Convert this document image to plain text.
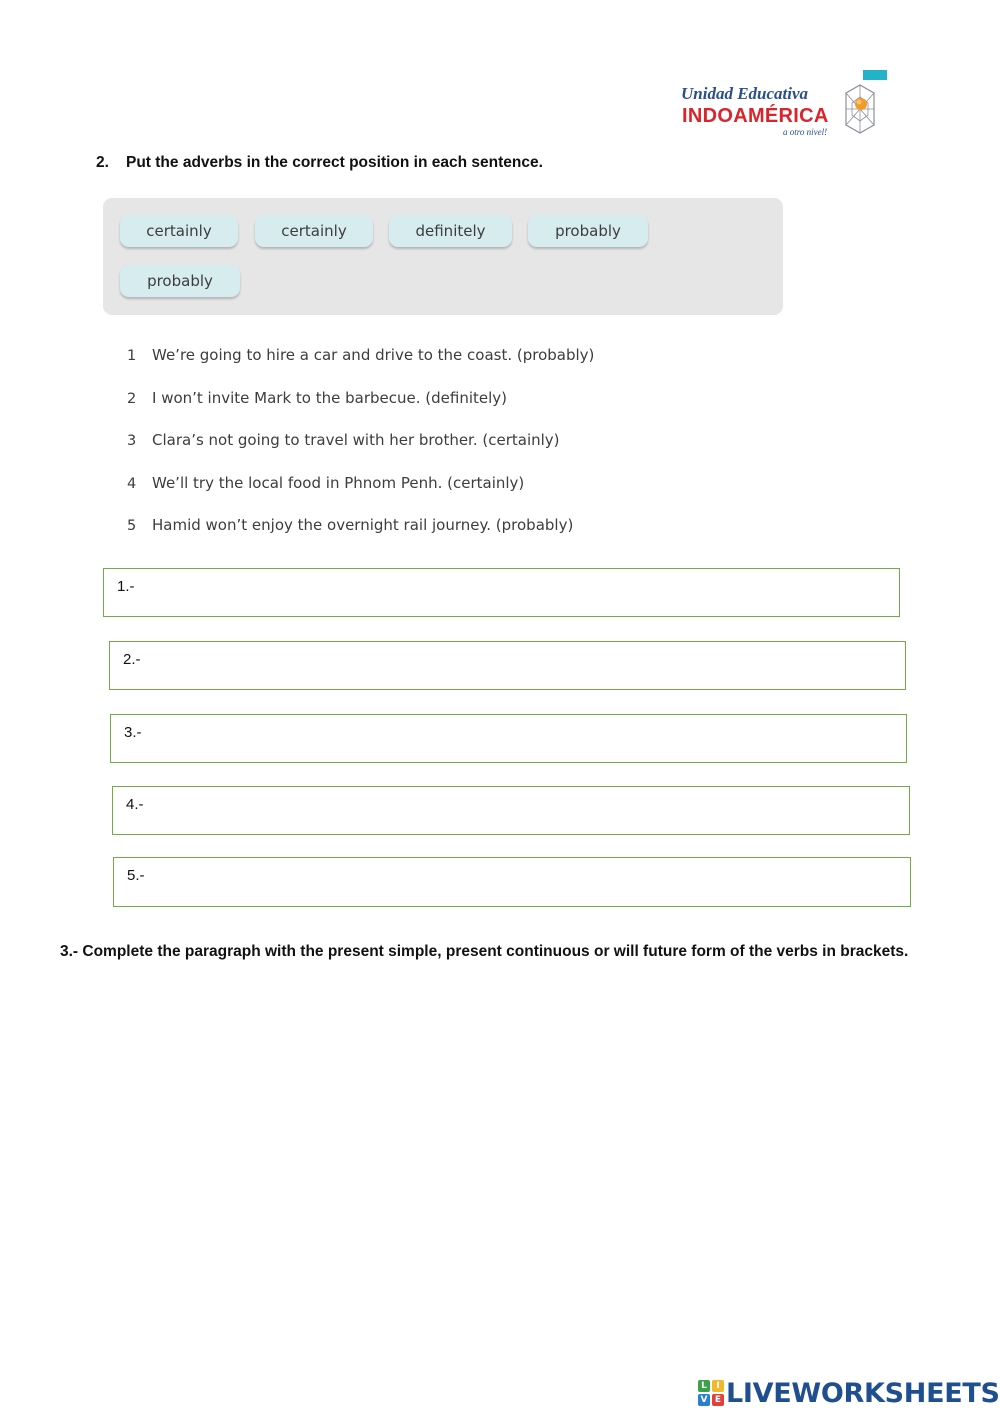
Unidad Educativa
INDOAMÉRICA
a otro nivel!
2. Put the adverbs in the correct position in each sentence.
certainly	certainly	definitely	probably
probably
1 We’re going to hire a car and drive to the coast. (probably)
2 I won’t invite Mark to the barbecue. (definitely)
3 Clara’s not going to travel with her brother. (certainly)
4 We’ll try the local food in Phnom Penh. (certainly)
5 Hamid won’t enjoy the overnight rail journey. (probably)
1.-
2.-
3.-
4.-
5.-
3.- Complete the paragraph with the present simple, present continuous or will future form of the verbs in brackets.
L	I
V E LIVEWORKSHEETS
